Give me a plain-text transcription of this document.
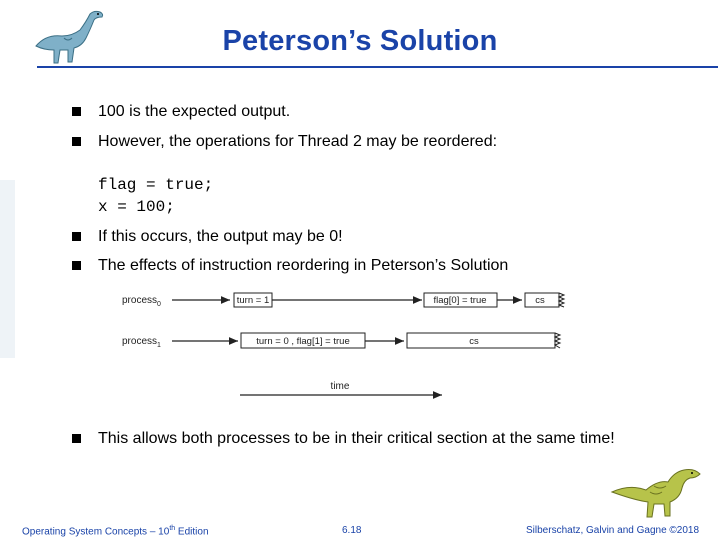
Peterson’s Solution
100 is the expected output.
However, the operations for Thread 2 may be reordered:
flag = true;
x = 100;
If this occurs, the output may be 0!
The effects of instruction reordering in Peterson’s Solution
process$_0$	turn = 1	flag[0] = true	cs
process$_1$	turn = 0 , flag[1] = true	cs
time
This allows both processes to be in their critical section at the same time!
Operating System Concepts – 10th Edition	6.18	Silberschatz, Galvin and Gagne ©2018
